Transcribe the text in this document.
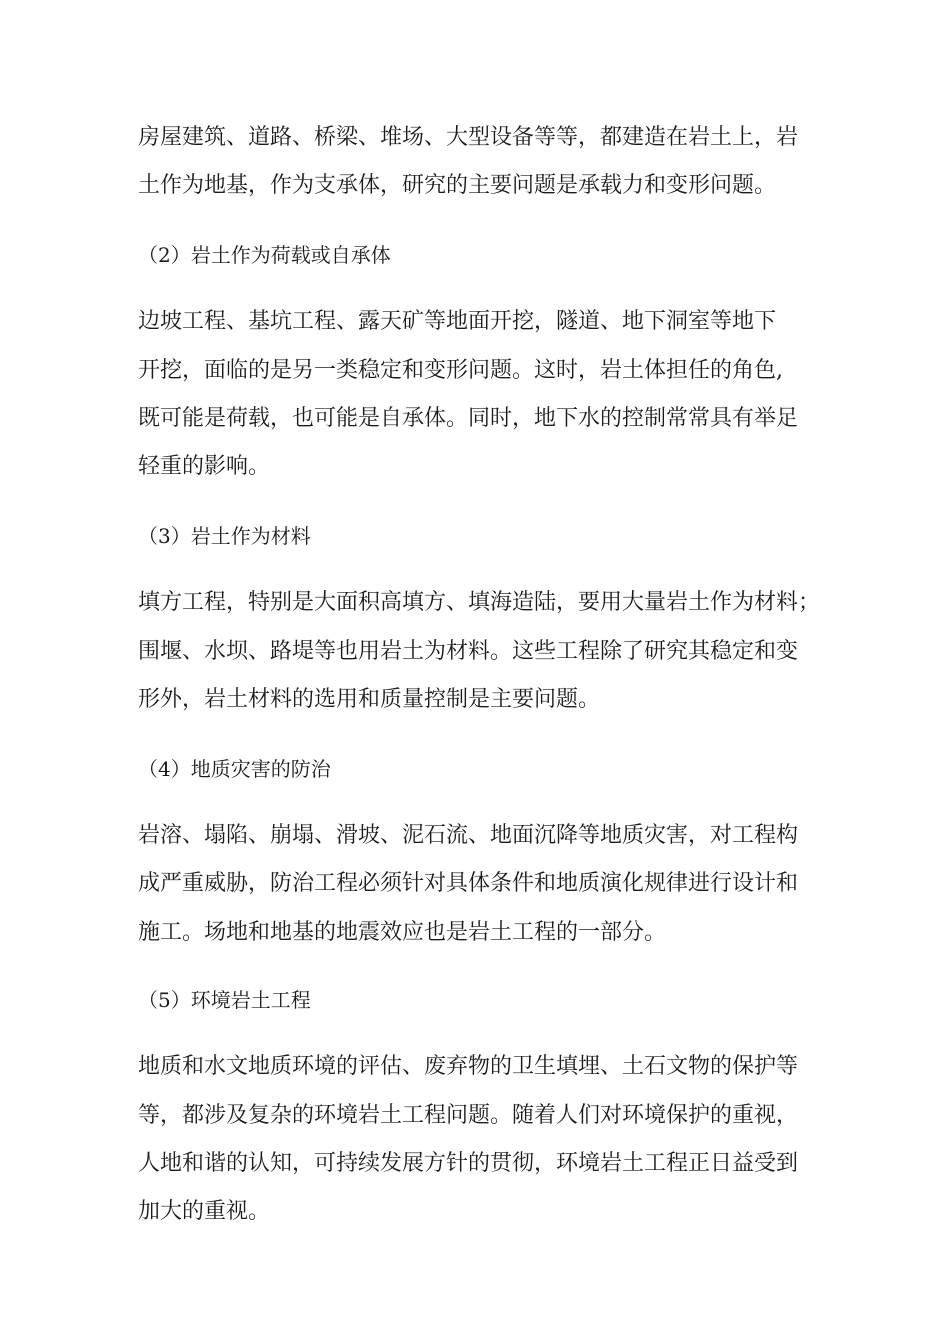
房屋建筑、道路、桥梁、堆场、大型设备等等，都建造在岩土上，岩
土作为地基，作为支承体，研究的主要问题是承载力和变形问题。
（2）岩土作为荷载或自承体
边坡工程、基坑工程、露天矿等地面开挖，隧道、地下洞室等地下
开挖，面临的是另一类稳定和变形问题。这时，岩土体担任的角色,
既可能是荷载，也可能是自承体。同时，地下水的控制常常具有举足
轻重的影响。
（3）岩土作为材料
填方工程，特别是大面积高填方、填海造陆，要用大量岩土作为材料；
围堰、水坝、路堤等也用岩土为材料。这些工程除了研究其稳定和变
形外，岩土材料的选用和质量控制是主要问题。
（4）地质灾害的防治
岩溶、塌陷、崩塌、滑坡、泥石流、地面沉降等地质灾害，对工程构
成严重威胁，防治工程必须针对具体条件和地质演化规律进行设计和
施工。场地和地基的地震效应也是岩土工程的一部分。
（5）环境岩土工程
地质和水文地质环境的评估、废弃物的卫生填埋、土石文物的保护等
等，都涉及复杂的环境岩土工程问题。随着人们对环境保护的重视，
人地和谐的认知，可持续发展方针的贯彻，环境岩土工程正日益受到
加大的重视。
